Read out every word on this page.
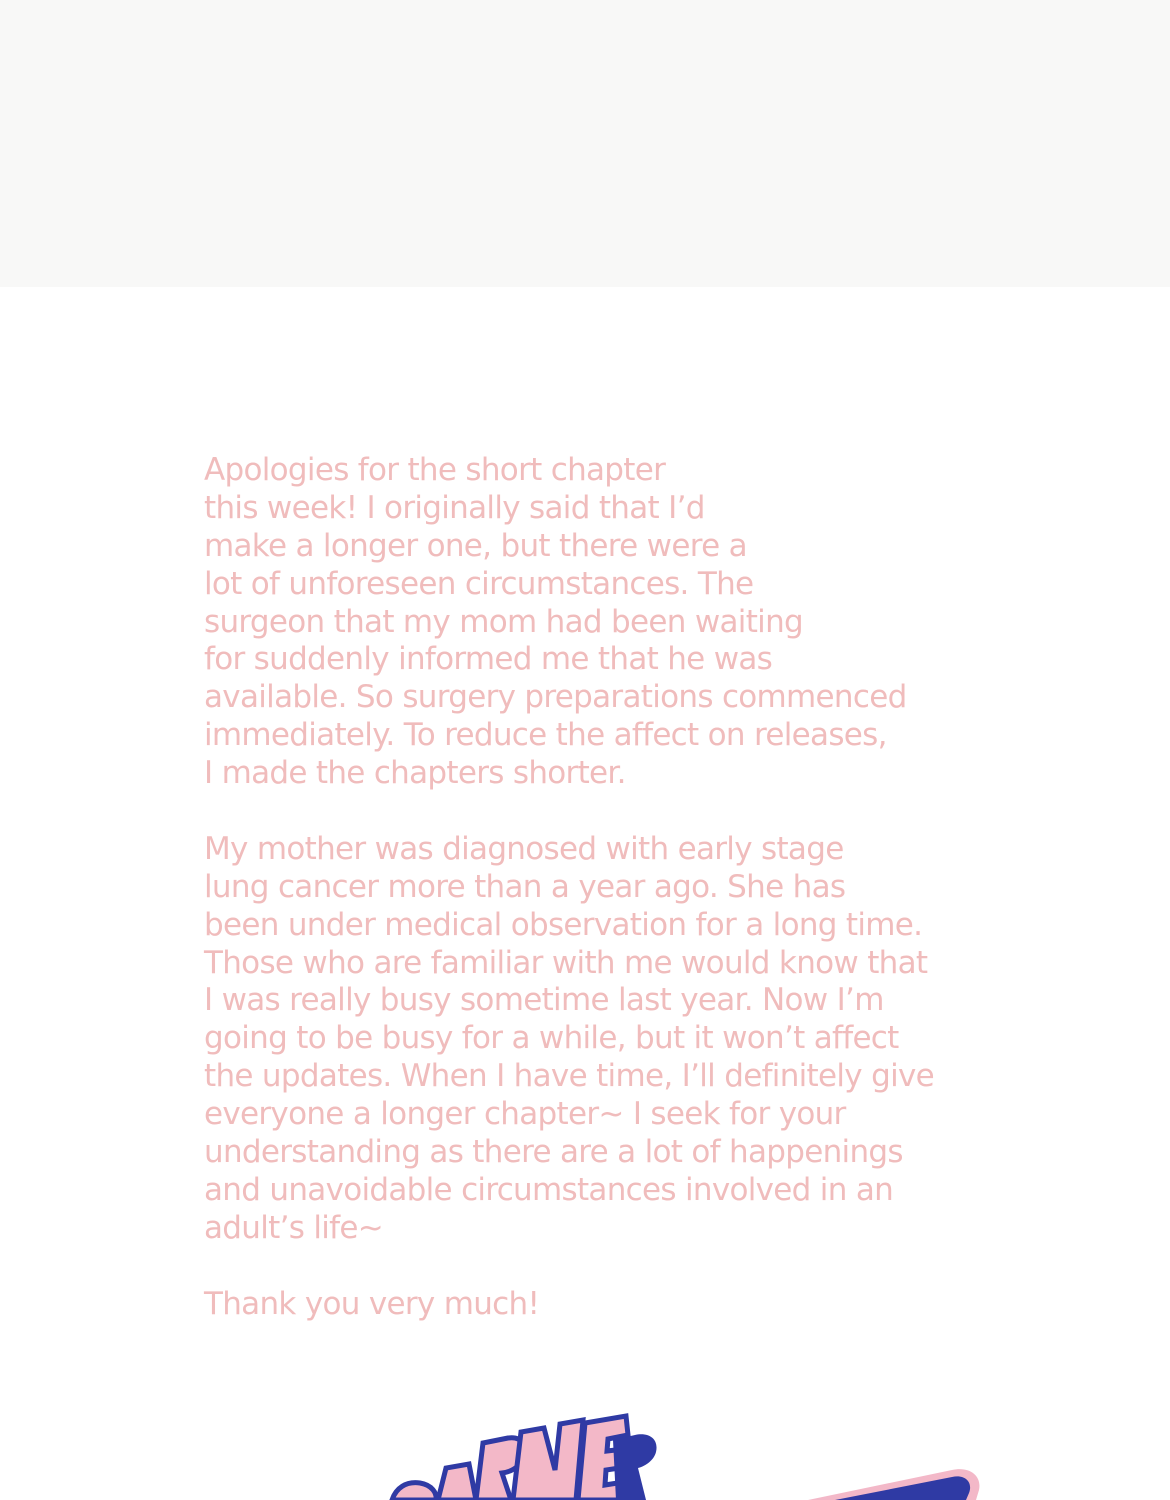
Apologies for the short chapter
this week! I originally said that I’d
make a longer one, but there were a
lot of unforeseen circumstances. The
surgeon that my mom had been waiting
for suddenly informed me that he was
available. So surgery preparations commenced
immediately. To reduce the affect on releases,
I made the chapters shorter.
My mother was diagnosed with early stage
lung cancer more than a year ago. She has
been under medical observation for a long time.
Those who are familiar with me would know that
I was really busy sometime last year. Now I’m
going to be busy for a while, but it won’t affect
the updates. When I have time, I’ll definitely give
everyone a longer chapter~ I seek for your
understanding as there are a lot of happenings
and unavoidable circumstances involved in an
adult’s life~
Thank you very much!
